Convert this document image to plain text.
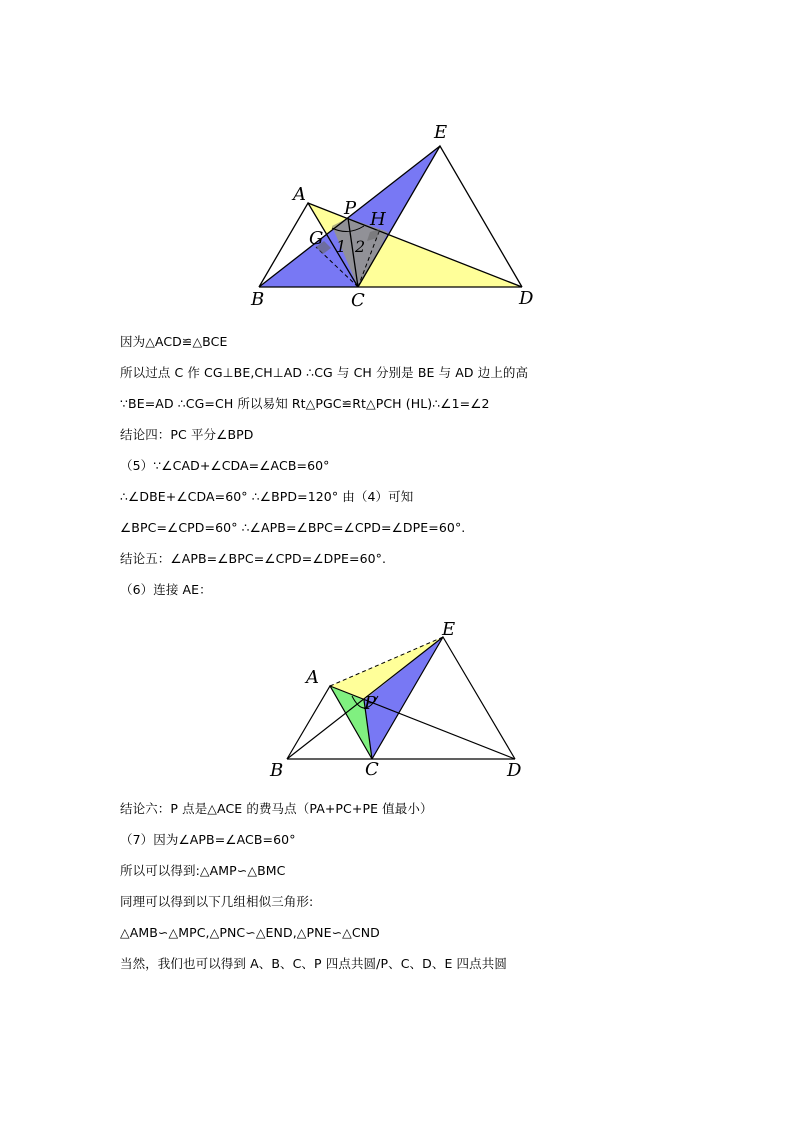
E
A
P
H
G 1 2
B	C	D
因为△ACD≌△BCE
所以过点 C 作 CG⊥BE,CH⊥AD ∴CG 与 CH 分别是 BE 与 AD 边上的高
∵BE=AD ∴CG=CH 所以易知 Rt△PGC≌Rt△PCH (HL)∴∠1=∠2
结论四：PC 平分∠BPD
（5）∵∠CAD+∠CDA=∠ACB=60°
∴∠DBE+∠CDA=60° ∴∠BPD=120° 由（4）可知
∠BPC=∠CPD=60° ∴∠APB=∠BPC=∠CPD=∠DPE=60°.
结论五：∠APB=∠BPC=∠CPD=∠DPE=60°.
（6）连接 AE：
E
A
P
B	C	D
结论六：P 点是△ACE 的费马点（PA+PC+PE 值最小）
（7）因为∠APB=∠ACB=60°
所以可以得到:△AMP∽△BMC
同理可以得到以下几组相似三角形:
△AMB∽△MPC,△PNC∽△END,△PNE∽△CND
当然，我们也可以得到 A、B、C、P 四点共圆/P、C、D、E 四点共圆
